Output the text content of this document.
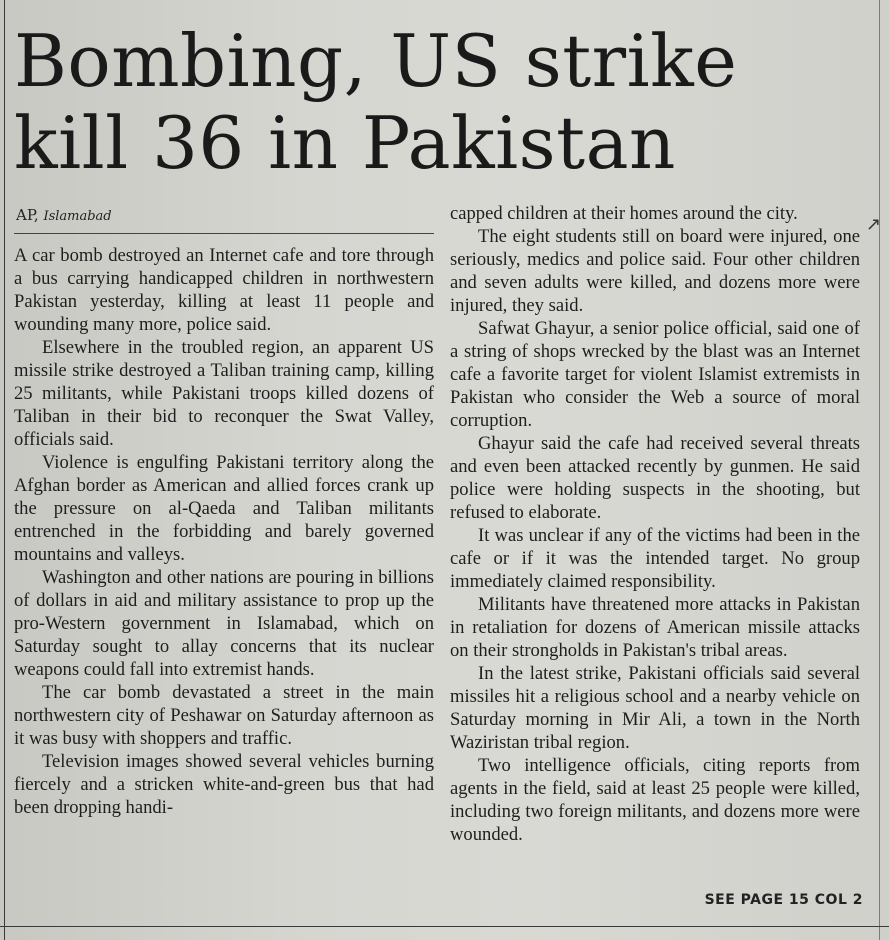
Bombing, US strike
kill 36 in Pakistan
AP, Islamabad

A car bomb destroyed an Internet cafe and tore through a bus carrying handicapped children in northwestern Pakistan yesterday, killing at least 11 people and wounding many more, police said.

Elsewhere in the troubled region, an apparent US missile strike destroyed a Taliban training camp, killing 25 militants, while Pakistani troops killed dozens of Taliban in their bid to reconquer the Swat Valley, officials said.

Violence is engulfing Pakistani territory along the Afghan border as American and allied forces crank up the pressure on al-Qaeda and Taliban militants entrenched in the forbidding and barely governed mountains and valleys.

Washington and other nations are pouring in billions of dollars in aid and military assistance to prop up the pro-Western government in Islamabad, which on Saturday sought to allay concerns that its nuclear weapons could fall into extremist hands.

The car bomb devastated a street in the main northwestern city of Peshawar on Saturday afternoon as it was busy with shoppers and traffic.

Television images showed several vehicles burning fiercely and a stricken white-and-green bus that had been dropping handi-

capped children at their homes around the city.

The eight students still on board were injured, one seriously, medics and police said. Four other children and seven adults were killed, and dozens more were injured, they said.

Safwat Ghayur, a senior police official, said one of a string of shops wrecked by the blast was an Internet cafe a favorite target for violent Islamist extremists in Pakistan who consider the Web a source of moral corruption.

Ghayur said the cafe had received several threats and even been attacked recently by gunmen. He said police were holding suspects in the shooting, but refused to elaborate.

It was unclear if any of the victims had been in the cafe or if it was the intended target. No group immediately claimed responsibility.

Militants have threatened more attacks in Pakistan in retaliation for dozens of American missile attacks on their strongholds in Pakistan's tribal areas.

In the latest strike, Pakistani officials said several missiles hit a religious school and a nearby vehicle on Saturday morning in Mir Ali, a town in the North Waziristan tribal region.

Two intelligence officials, citing reports from agents in the field, said at least 25 people were killed, including two foreign militants, and dozens more were wounded.

SEE PAGE 15 COL 2
↗
